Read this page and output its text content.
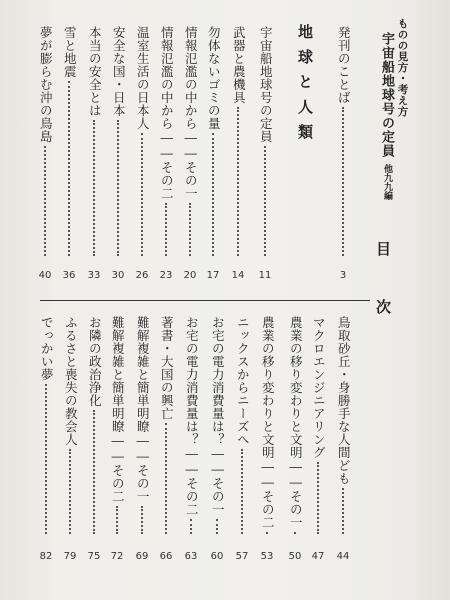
ものの見方・考え方
宇宙船地球号の定員
他九九編
目
次
地球と人類 発刊のことば
3
宇宙船地球号の定員
11
武器と農機具
14
勿体ないゴミの量
17
情報氾濫の中から――その一
20
情報氾濫の中から――その二
23
温室生活の日本人
26
安全な国・日本
30
本当の安全とは
33
雪と地震
36
夢が膨らむ沖の鳥島
40
鳥取砂丘・身勝手な人間ども
44
マクロエンジニアリング
47
農業の移り変わりと文明――その一
50
農業の移り変わりと文明――その二
53
ニックスからニーズへ
57
お宅の電力消費量は？――その一
60
お宅の電力消費量は？――その二
63
著書・大国の興亡
66
難解複雑と簡単明瞭――その一
69
難解複雑と簡単明瞭――その二
72
お隣の政治浄化
75
ふるさと喪失の教会人
79
でっかい夢
82
